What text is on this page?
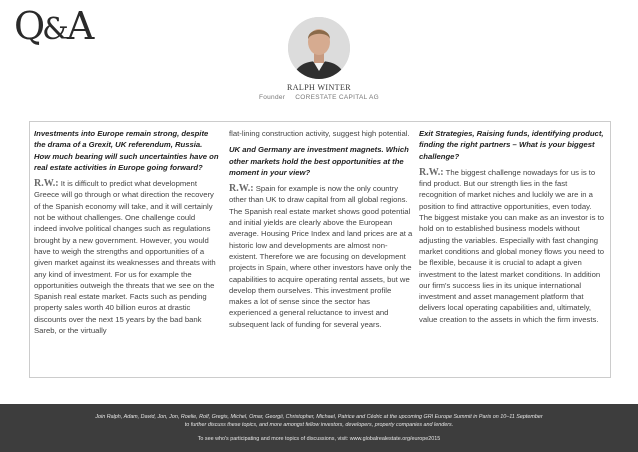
Q&A
RALPH WINTER
Founder CORESTATE CAPITAL AG

Investments into Europe remain strong, despite the drama of a Grexit, UK referendum, Russia. How much bearing will such uncertainties have on real estate activities in Europe going forward?

R.W.: It is difficult to predict what development Greece will go through or what direction the recovery of the Spanish economy will take, and it will certainly not be without challenges. One challenge could indeed involve political changes such as regulations brought by a new government. However, you would have to weigh the strengths and opportunities of a given market against its weaknesses and threats with any kind of investment. For us for example the opportunities outweigh the threats that we see on the Spanish real estate market. Facts such as pending property sales worth 40 billion euros at drastic discounts over the next 15 years by the bad bank Sareb, or the virtually

flat-lining construction activity, suggest high potential.

UK and Germany are investment magnets. Which other markets hold the best opportunities at the moment in your view?

R.W.: Spain for example is now the only country other than UK to draw capital from all global regions. The Spanish real estate market shows good potential and initial yields are clearly above the European average. Housing Price Index and land prices are at a historic low and developments are almost non-existent. Therefore we are focusing on development projects in Spain, where other investors have only the capabilities to acquire operating rental assets, but we develop them ourselves. This investment profile makes a lot of sense since the sector has experienced a general reluctance to invest and subsequent lack of funding for several years.

Exit Strategies, Raising funds, identifying product, finding the right partners – What is your biggest challenge?

R.W.: The biggest challenge nowadays for us is to find product. But our strength lies in the fast recognition of market niches and luckily we are in a position to find attractive opportunities, even today. The biggest mistake you can make as an investor is to hold on to established business models without adjusting the variables. Especially with fast changing market conditions and global money flows you need to be flexible, because it is crucial to adapt a given investment to the latest market conditions. In addition our firm's success lies in its unique international investment and asset management platform that delivers local operating capabilities and, ultimately, value creation to the assets in which the firm invests.

Join Ralph, Adam, David, Jon, Jon, Roelie, Rolf, Gregis, Michel, Omar, Georgii, Christopher, Michael, Patrice and Cédric at the upcoming GRI Europe Summit in Paris on 10–11 September
to further discuss these topics, and more amongst fellow investors, developers, property companies and lenders.
To see who's participating and more topics of discussions, visit: www.globalrealestate.org/europe2015
